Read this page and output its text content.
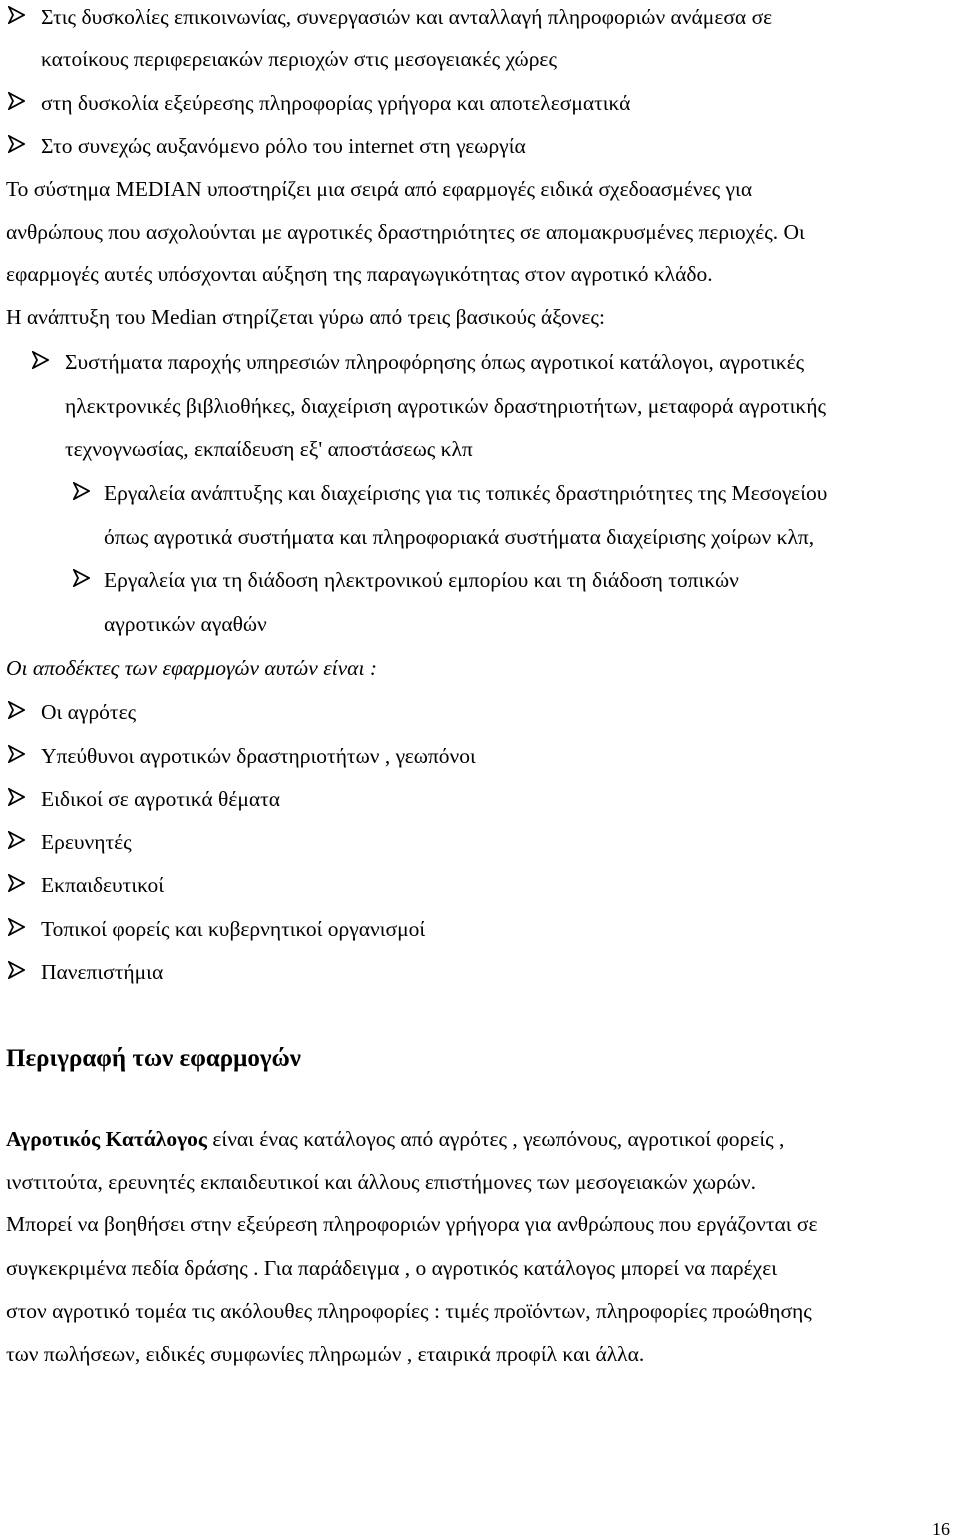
Στις δυσκολίες επικοινωνίας, συνεργασιών και ανταλλαγή πληροφοριών ανάμεσα σε
κατοίκους περιφερειακών περιοχών στις μεσογειακές χώρες
στη δυσκολία εξεύρεσης πληροφορίας γρήγορα και αποτελεσματικά
Στο συνεχώς αυξανόμενο ρόλο του internet στη γεωργία
Το σύστημα MEDIAN υποστηρίζει μια σειρά από εφαρμογές ειδικά σχεδοασμένες για
ανθρώπους που ασχολούνται με αγροτικές δραστηριότητες σε απομακρυσμένες περιοχές. Οι
εφαρμογές αυτές υπόσχονται αύξηση της παραγωγικότητας στον αγροτικό κλάδο.
Η ανάπτυξη του Median στηρίζεται γύρω από τρεις βασικούς άξονες:
Συστήματα παροχής υπηρεσιών πληροφόρησης όπως αγροτικοί κατάλογοι, αγροτικές
ηλεκτρονικές βιβλιοθήκες, διαχείριση αγροτικών δραστηριοτήτων, μεταφορά αγροτικής
τεχνογνωσίας, εκπαίδευση εξ' αποστάσεως κλπ
Εργαλεία ανάπτυξης και διαχείρισης για τις τοπικές δραστηριότητες της Μεσογείου
όπως αγροτικά συστήματα και πληροφοριακά συστήματα διαχείρισης χοίρων κλπ,
Εργαλεία για τη διάδοση ηλεκτρονικού εμπορίου και τη διάδοση τοπικών
αγροτικών αγαθών
Οι αποδέκτες των εφαρμογών αυτών είναι :
Οι αγρότες
Υπεύθυνοι αγροτικών δραστηριοτήτων , γεωπόνοι
Ειδικοί σε αγροτικά θέματα
Ερευνητές
Εκπαιδευτικοί
Τοπικοί φορείς και κυβερνητικοί οργανισμοί
Πανεπιστήμια
Περιγραφή των εφαρμογών
Αγροτικός Κατάλογος είναι ένας κατάλογος από αγρότες , γεωπόνους, αγροτικοί φορείς ,
ινστιτούτα, ερευνητές εκπαιδευτικοί και άλλους επιστήμονες των μεσογειακών χωρών.
Μπορεί να βοηθήσει στην εξεύρεση πληροφοριών γρήγορα για ανθρώπους που εργάζονται σε
συγκεκριμένα πεδία δράσης . Για παράδειγμα , ο αγροτικός κατάλογος μπορεί να παρέχει
στον αγροτικό τομέα τις ακόλουθες πληροφορίες : τιμές προϊόντων, πληροφορίες προώθησης
των πωλήσεων, ειδικές συμφωνίες πληρωμών , εταιρικά προφίλ και άλλα.
16
